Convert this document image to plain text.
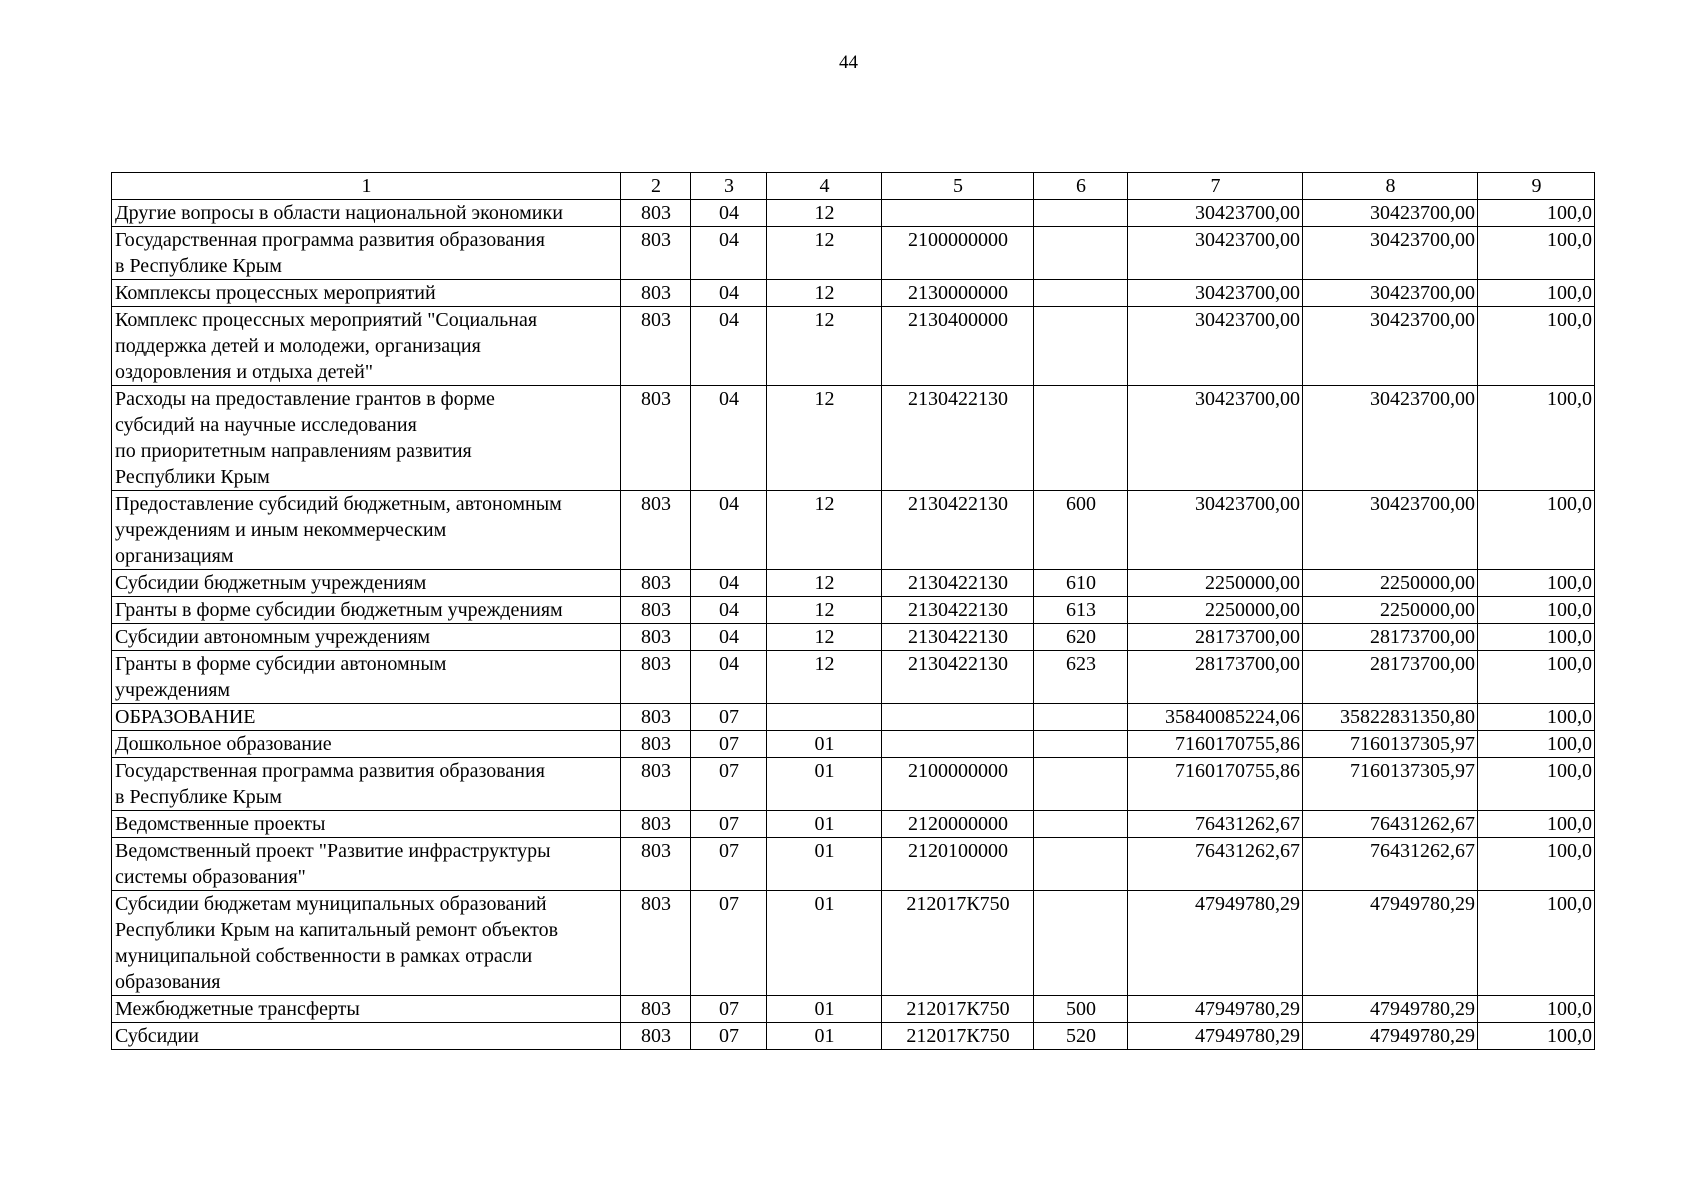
44
1	2	3	4	5	6	7	8	9
Другие вопросы в области национальной экономики	803	04	12			30423700,00	30423700,00	100,0
Государственная программа развития образования
в Республике Крым	803	04	12	2100000000		30423700,00	30423700,00	100,0
Комплексы процессных мероприятий	803	04	12	2130000000		30423700,00	30423700,00	100,0
Комплекс процессных мероприятий "Социальная
поддержка детей и молодежи, организация
оздоровления и отдыха детей"	803	04	12	2130400000		30423700,00	30423700,00	100,0
Расходы на предоставление грантов в форме
субсидий на научные исследования
по приоритетным направлениям развития
Республики Крым	803	04	12	2130422130		30423700,00	30423700,00	100,0
Предоставление субсидий бюджетным, автономным
учреждениям и иным некоммерческим
организациям	803	04	12	2130422130	600	30423700,00	30423700,00	100,0
Субсидии бюджетным учреждениям	803	04	12	2130422130	610	2250000,00	2250000,00	100,0
Гранты в форме субсидии бюджетным учреждениям	803	04	12	2130422130	613	2250000,00	2250000,00	100,0
Субсидии автономным учреждениям	803	04	12	2130422130	620	28173700,00	28173700,00	100,0
Гранты в форме субсидии автономным
учреждениям	803	04	12	2130422130	623	28173700,00	28173700,00	100,0
ОБРАЗОВАНИЕ	803	07				35840085224,06	35822831350,80	100,0
Дошкольное образование	803	07	01			7160170755,86	7160137305,97	100,0
Государственная программа развития образования
в Республике Крым	803	07	01	2100000000		7160170755,86	7160137305,97	100,0
Ведомственные проекты	803	07	01	2120000000		76431262,67	76431262,67	100,0
Ведомственный проект "Развитие инфраструктуры
системы образования"	803	07	01	2120100000		76431262,67	76431262,67	100,0
Субсидии бюджетам муниципальных образований
Республики Крым на капитальный ремонт объектов
муниципальной собственности в рамках отрасли
образования	803	07	01	212017К750		47949780,29	47949780,29	100,0
Межбюджетные трансферты	803	07	01	212017К750	500	47949780,29	47949780,29	100,0
Субсидии	803	07	01	212017К750	520	47949780,29	47949780,29	100,0
